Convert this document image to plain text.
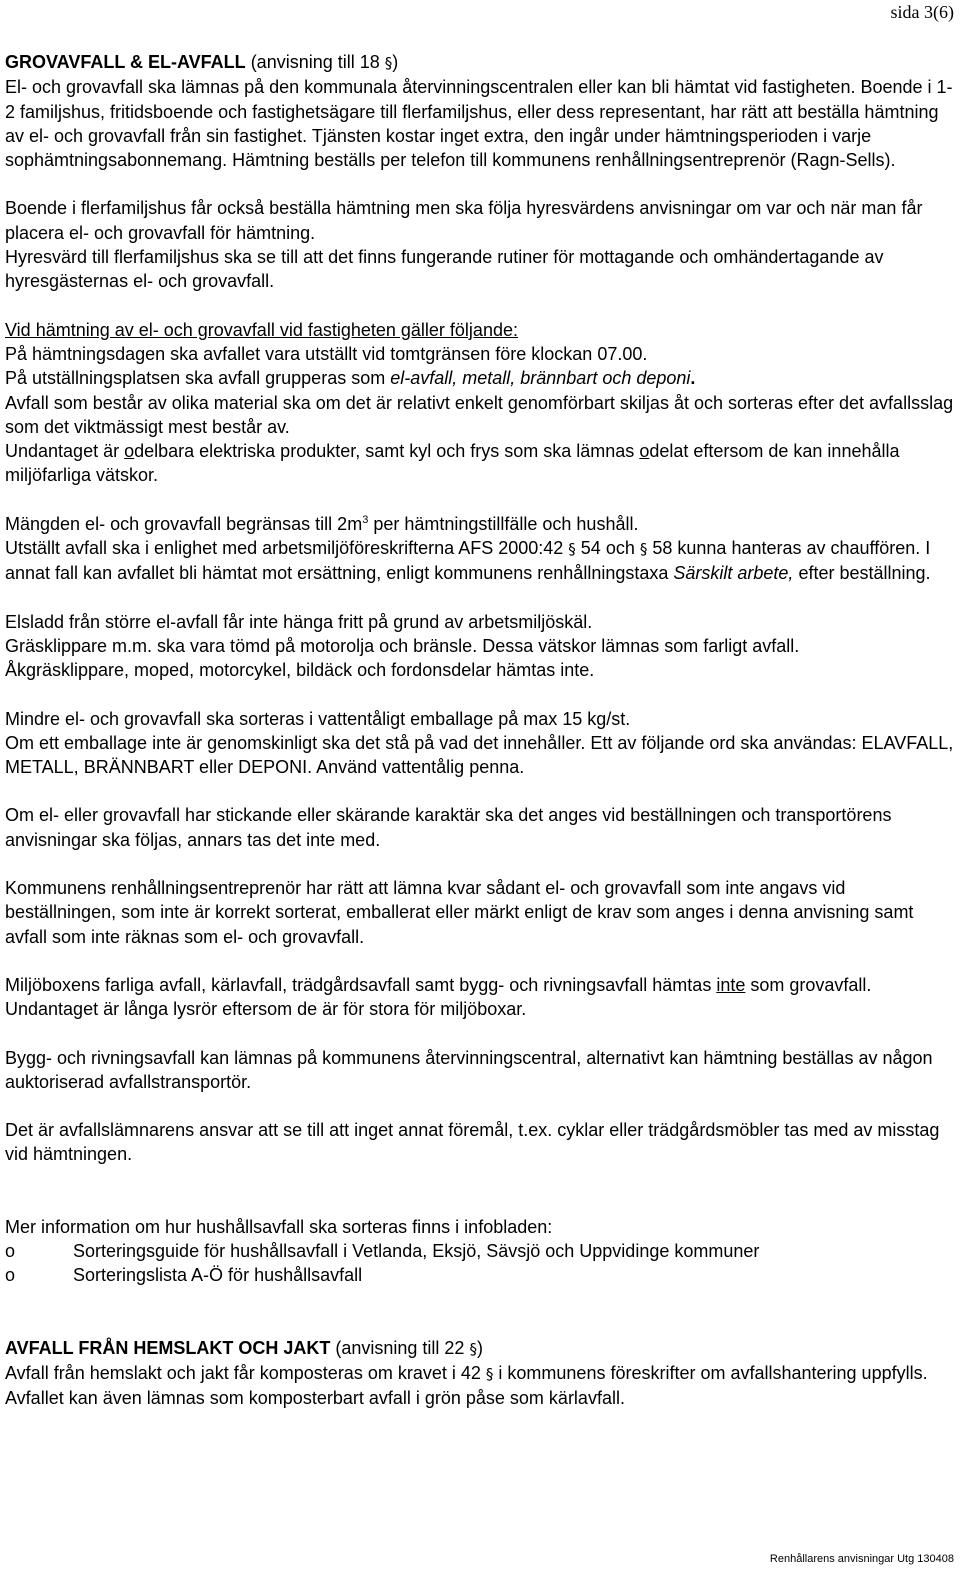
sida 3(6)

GROVAVFALL & EL-AVFALL (anvisning till 18 §)

El- och grovavfall ska lämnas på den kommunala återvinningscentralen eller kan bli hämtat vid fastigheten. Boende i 1-2 familjshus, fritidsboende och fastighetsägare till flerfamiljshus, eller dess representant, har rätt att beställa hämtning av el- och grovavfall från sin fastighet. Tjänsten kostar inget extra, den ingår under hämtningsperioden i varje sophämtningsabonnemang. Hämtning beställs per telefon till kommunens renhållningsentreprenör (Ragn-Sells).

Boende i flerfamiljshus får också beställa hämtning men ska följa hyresvärdens anvisningar om var och när man får placera el- och grovavfall för hämtning.

Hyresvärd till flerfamiljshus ska se till att det finns fungerande rutiner för mottagande och omhändertagande av hyresgästernas el- och grovavfall.

Vid hämtning av el- och grovavfall vid fastigheten gäller följande:

På hämtningsdagen ska avfallet vara utställt vid tomtgränsen före klockan 07.00.

På utställningsplatsen ska avfall grupperas som el-avfall, metall, brännbart och deponi.

Avfall som består av olika material ska om det är relativt enkelt genomförbart skiljas åt och sorteras efter det avfallsslag som det viktmässigt mest består av.

Undantaget är odelbara elektriska produkter, samt kyl och frys som ska lämnas odelat eftersom de kan innehålla miljöfarliga vätskor.

Mängden el- och grovavfall begränsas till $2m^3$ per hämtningstillfälle och hushåll.

Utställt avfall ska i enlighet med arbetsmiljöföreskrifterna AFS 2000:42 § 54 och § 58 kunna hanteras av chauffören. I annat fall kan avfallet bli hämtat mot ersättning, enligt kommunens renhållningstaxa Särskilt arbete, efter beställning.

Elsladd från större el-avfall får inte hänga fritt på grund av arbetsmiljöskäl.

Gräsklippare m.m. ska vara tömd på motorolja och bränsle. Dessa vätskor lämnas som farligt avfall.

Åkgräsklippare, moped, motorcykel, bildäck och fordonsdelar hämtas inte.

Mindre el- och grovavfall ska sorteras i vattentåligt emballage på max 15 kg/st.

Om ett emballage inte är genomskinligt ska det stå på vad det innehåller. Ett av följande ord ska användas: ELAVFALL, METALL, BRÄNNBART eller DEPONI. Använd vattentålig penna.

Om el- eller grovavfall har stickande eller skärande karaktär ska det anges vid beställningen och transportörens anvisningar ska följas, annars tas det inte med.

Kommunens renhållningsentreprenör har rätt att lämna kvar sådant el- och grovavfall som inte angavs vid beställningen, som inte är korrekt sorterat, emballerat eller märkt enligt de krav som anges i denna anvisning samt avfall som inte räknas som el- och grovavfall.

Miljöboxens farliga avfall, kärlavfall, trädgårdsavfall samt bygg- och rivningsavfall hämtas inte som grovavfall. Undantaget är långa lysrör eftersom de är för stora för miljöboxar.

Bygg- och rivningsavfall kan lämnas på kommunens återvinningscentral, alternativt kan hämtning beställas av någon auktoriserad avfallstransportör.

Det är avfallslämnarens ansvar att se till att inget annat föremål, t.ex. cyklar eller trädgårdsmöbler tas med av misstag vid hämtningen.

Mer information om hur hushållsavfall ska sorteras finns i infobladen:

o	Sorteringsguide för hushållsavfall i Vetlanda, Eksjö, Sävsjö och Uppvidinge kommuner
o	Sorteringslista A-Ö för hushållsavfall

AVFALL FRÅN HEMSLAKT OCH JAKT (anvisning till 22 §)

Avfall från hemslakt och jakt får komposteras om kravet i 42 § i kommunens föreskrifter om avfallshantering uppfylls. Avfallet kan även lämnas som komposterbart avfall i grön påse som kärlavfall.

Renhållarens anvisningar Utg 130408
